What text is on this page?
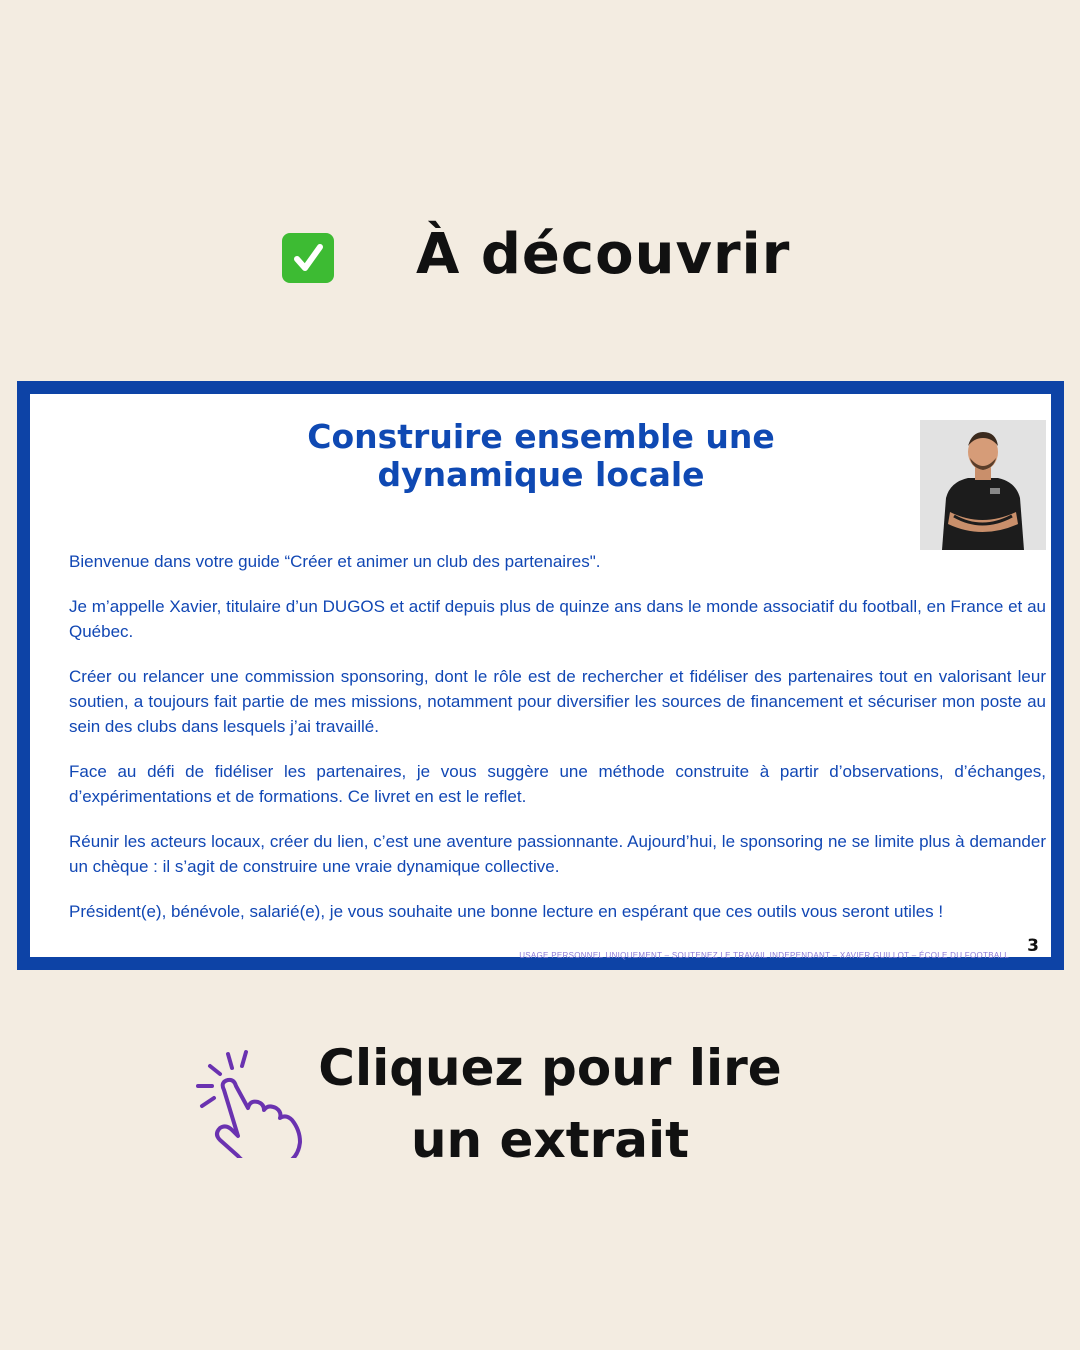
À découvrir
Construire ensemble une
dynamique locale

Bienvenue dans votre guide “Créer et animer un club des partenaires".

Je m’appelle Xavier, titulaire d’un DUGOS et actif depuis plus de quinze ans dans le monde associatif du football, en France et au Québec.

Créer ou relancer une commission sponsoring, dont le rôle est de rechercher et fidéliser des partenaires tout en valorisant leur soutien, a toujours fait partie de mes missions, notamment pour diversifier les sources de financement et sécuriser mon poste au sein des clubs dans lesquels j’ai travaillé.

Face au défi de fidéliser les partenaires, je vous suggère une méthode construite à partir d’observations, d’échanges, d’expérimentations et de formations. Ce livret en est le reflet.

Réunir les acteurs locaux, créer du lien, c’est une aventure passionnante. Aujourd’hui, le sponsoring ne se limite plus à demander un chèque : il s’agit de construire une vraie dynamique collective.

Président(e), bénévole, salarié(e), je vous souhaite une bonne lecture en espérant que ces outils vous seront utiles !

USAGE PERSONNEL UNIQUEMENT – SOUTENEZ LE TRAVAIL INDEPENDANT – XAVIER GUILLOT – ÉCOLE DU FOOTBALL 3
Cliquez pour lire
un extrait
